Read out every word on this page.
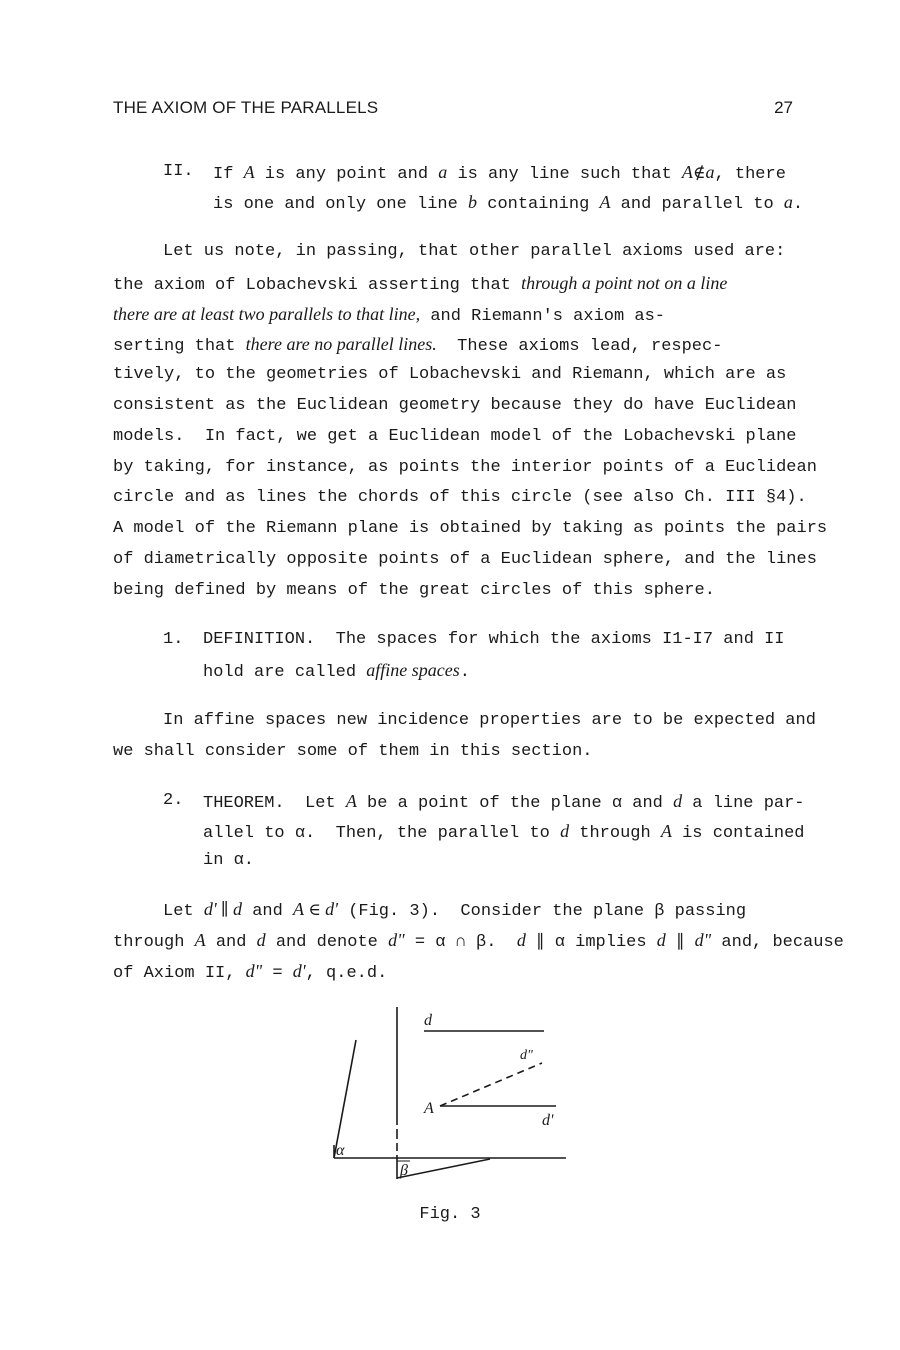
THE AXIOM OF THE PARALLELS	27
II. If A is any point and a is any line such that A∉a, there
is one and only one line b containing A and parallel to a.
Let us note, in passing, that other parallel axioms used are:
the axiom of Lobachevski asserting that through a point not on a line
there are at least two parallels to that line, and Riemann's axiom as-
serting that there are no parallel lines.  These axioms lead, respec-
tively, to the geometries of Lobachevski and Riemann, which are as
consistent as the Euclidean geometry because they do have Euclidean
models.  In fact, we get a Euclidean model of the Lobachevski plane
by taking, for instance, as points the interior points of a Euclidean
circle and as lines the chords of this circle (see also Ch. III §4).
A model of the Riemann plane is obtained by taking as points the pairs
of diametrically opposite points of a Euclidean sphere, and the lines
being defined by means of the great circles of this sphere.
1. DEFINITION.  The spaces for which the axioms I1-I7 and II
hold are called affine spaces.
In affine spaces new incidence properties are to be expected and
we shall consider some of them in this section.
2. THEOREM.  Let A be a point of the plane α and d a line par-
allel to α.  Then, the parallel to d through A is contained
in α.
Let d' ∥ d and A ∈ d' (Fig. 3).  Consider the plane β passing
through A and d and denote d" = α ∩ β.  d ∥ α implies d ∥ d" and, because
of Axiom II, d" = d', q.e.d.
d
d"
A
d'
α
β
Fig. 3
